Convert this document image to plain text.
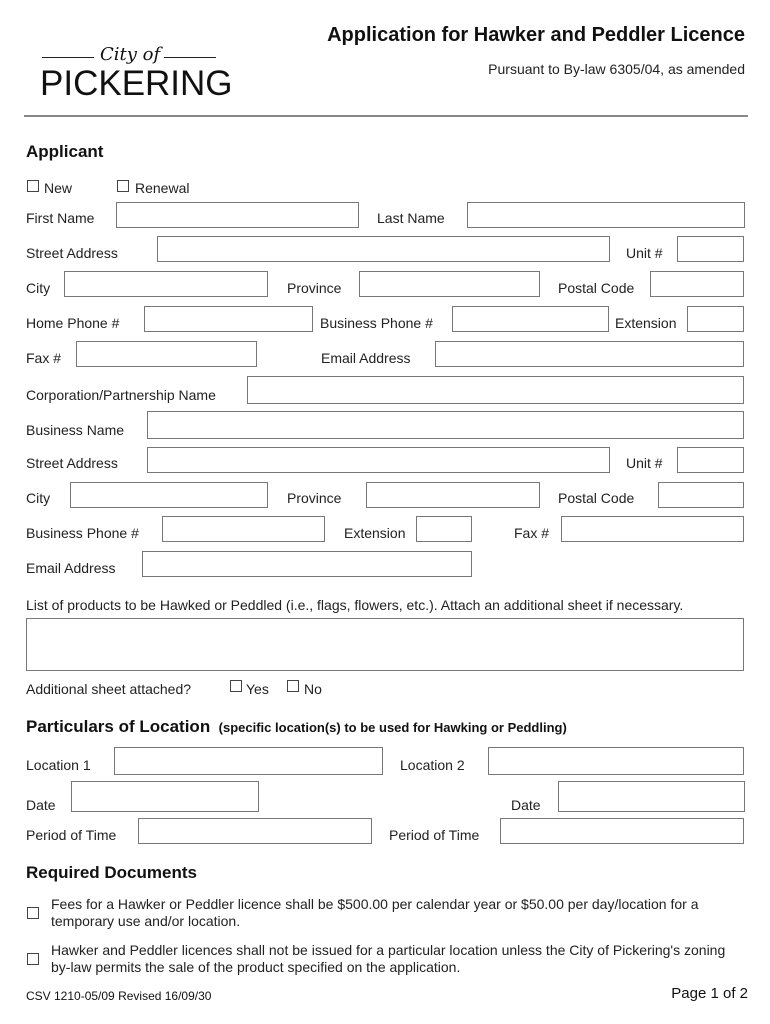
City of
PICKERING
Application for Hawker and Peddler Licence
Pursuant to By-law 6305/04, as amended
Applicant
New	Renewal
First Name	Last Name
Street Address	Unit #
City	Province	Postal Code
Home Phone #	Business Phone #	Extension
Fax #	Email Address
Corporation/Partnership Name
Business Name
Street Address	Unit #
City	Province	Postal Code
Business Phone #	Extension	Fax #
Email Address
List of products to be Hawked or Peddled (i.e., flags, flowers, etc.). Attach an additional sheet if necessary.
Additional sheet attached?	Yes	No
Particulars of Location (specific location(s) to be used for Hawking or Peddling)
Location 1	Location 2
Date	Date
Period of Time	Period of Time
Required Documents
Fees for a Hawker or Peddler licence shall be $500.00 per calendar year or $50.00 per day/location for a temporary use and/or location.
Hawker and Peddler licences shall not be issued for a particular location unless the City of Pickering's zoning by-law permits the sale of the product specified on the application.
CSV 1210-05/09 Revised 16/09/30	Page 1 of 2
